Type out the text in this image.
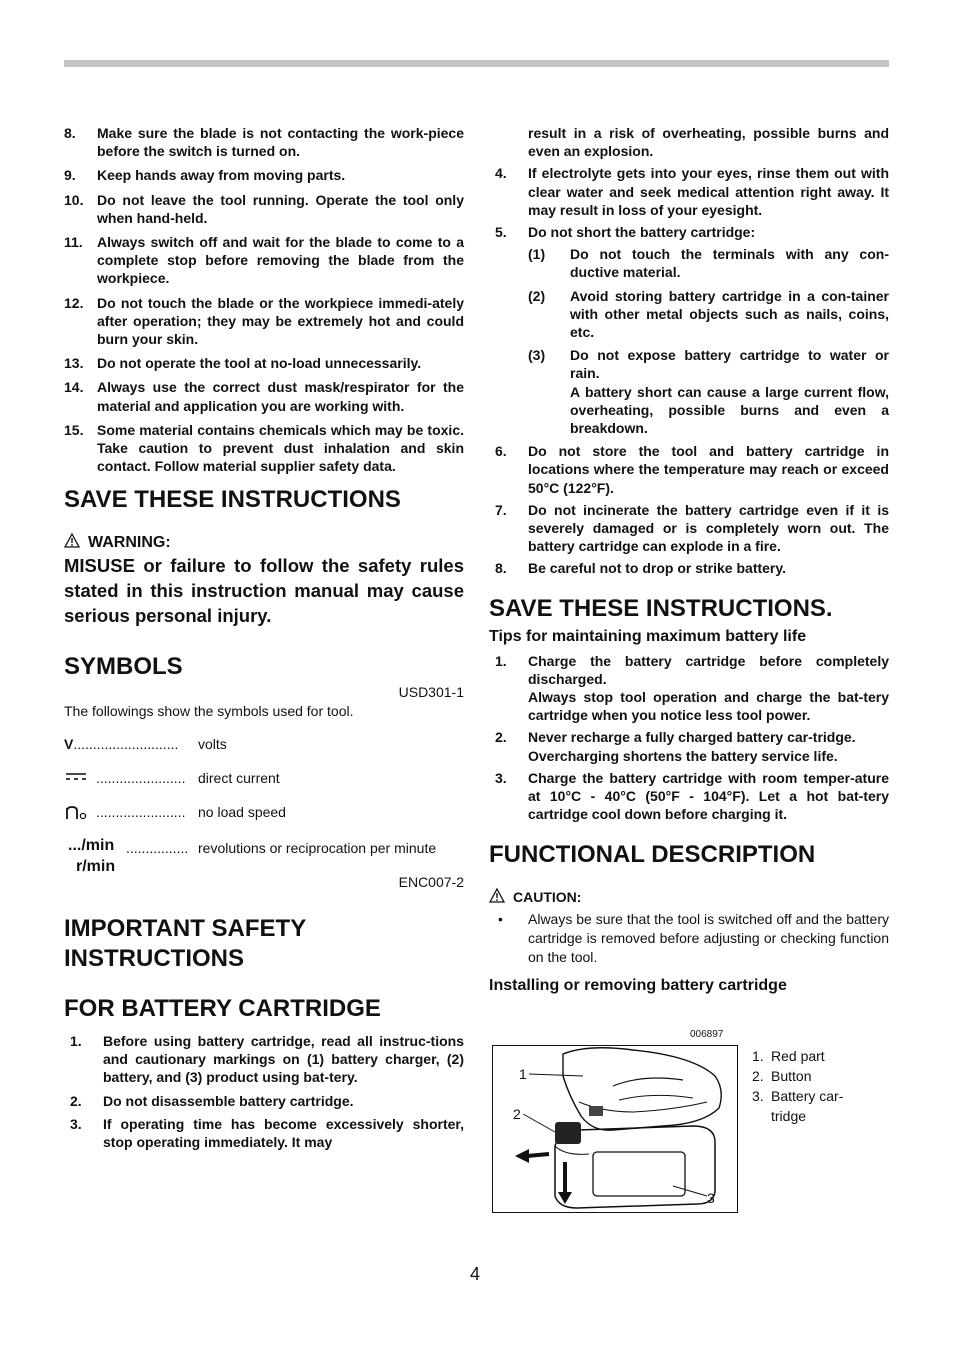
8.	Make sure the blade is not contacting the work-piece before the switch is turned on.
9.	Keep hands away from moving parts.
10. Do not leave the tool running. Operate the tool only when hand-held.
11.	Always switch off and wait for the blade to come to a complete stop before removing the blade from the workpiece.
12. Do not touch the blade or the workpiece immedi-ately after operation; they may be extremely hot and could burn your skin.
13. Do not operate the tool at no-load unnecessarily.
14. Always use the correct dust mask/respirator for the material and application you are working with.
15. Some material contains chemicals which may be toxic. Take caution to prevent dust inhalation and skin contact. Follow material supplier safety data.
SAVE THESE INSTRUCTIONS
WARNING:
MISUSE or failure to follow the safety rules stated in this instruction manual may cause serious personal injury.
SYMBOLS
USD301-1
The followings show the symbols used for tool.
V ...........................	volts
....................... direct current
....................... no load speed
.../min
r/min
................ revolutions or reciprocation per minute
ENC007-2
IMPORTANT SAFETY
INSTRUCTIONS
FOR BATTERY CARTRIDGE
1.	Before using battery cartridge, read all instruc-tions and cautionary markings on (1) battery charger, (2) battery, and (3) product using bat-tery.
2.	Do not disassemble battery cartridge.
3.	If operating time has become excessively shorter, stop operating immediately. It may
result in a risk of overheating, possible burns and even an explosion.
4.	If electrolyte gets into your eyes, rinse them out with clear water and seek medical attention right away. It may result in loss of your eyesight.
5.	Do not short the battery cartridge:
(1)	Do not touch the terminals with any con-ductive material.
(2)	Avoid storing battery cartridge in a con-tainer with other metal objects such as nails, coins, etc.
(3)	Do not expose battery cartridge to water or rain.
A battery short can cause a large current flow, overheating, possible burns and even a breakdown.
6.	Do not store the tool and battery cartridge in locations where the temperature may reach or exceed 50°C (122°F).
7.	Do not incinerate the battery cartridge even if it is severely damaged or is completely worn out. The battery cartridge can explode in a fire.
8.	Be careful not to drop or strike battery.
SAVE THESE INSTRUCTIONS.
Tips for maintaining maximum battery life
1.	Charge the battery cartridge before completely discharged.
Always stop tool operation and charge the bat-tery cartridge when you notice less tool power.
2.	Never recharge a fully charged battery car-tridge.
Overcharging shortens the battery service life.
3.	Charge the battery cartridge with room temper-ature at 10°C - 40°C (50°F - 104°F). Let a hot bat-tery cartridge cool down before charging it.
FUNCTIONAL DESCRIPTION
CAUTION:
•	Always be sure that the tool is switched off and the battery cartridge is removed before adjusting or checking function on the tool.
Installing or removing battery cartridge
006897
1
2
3
1. Red part
2. Button
3. Battery car-
tridge
4
